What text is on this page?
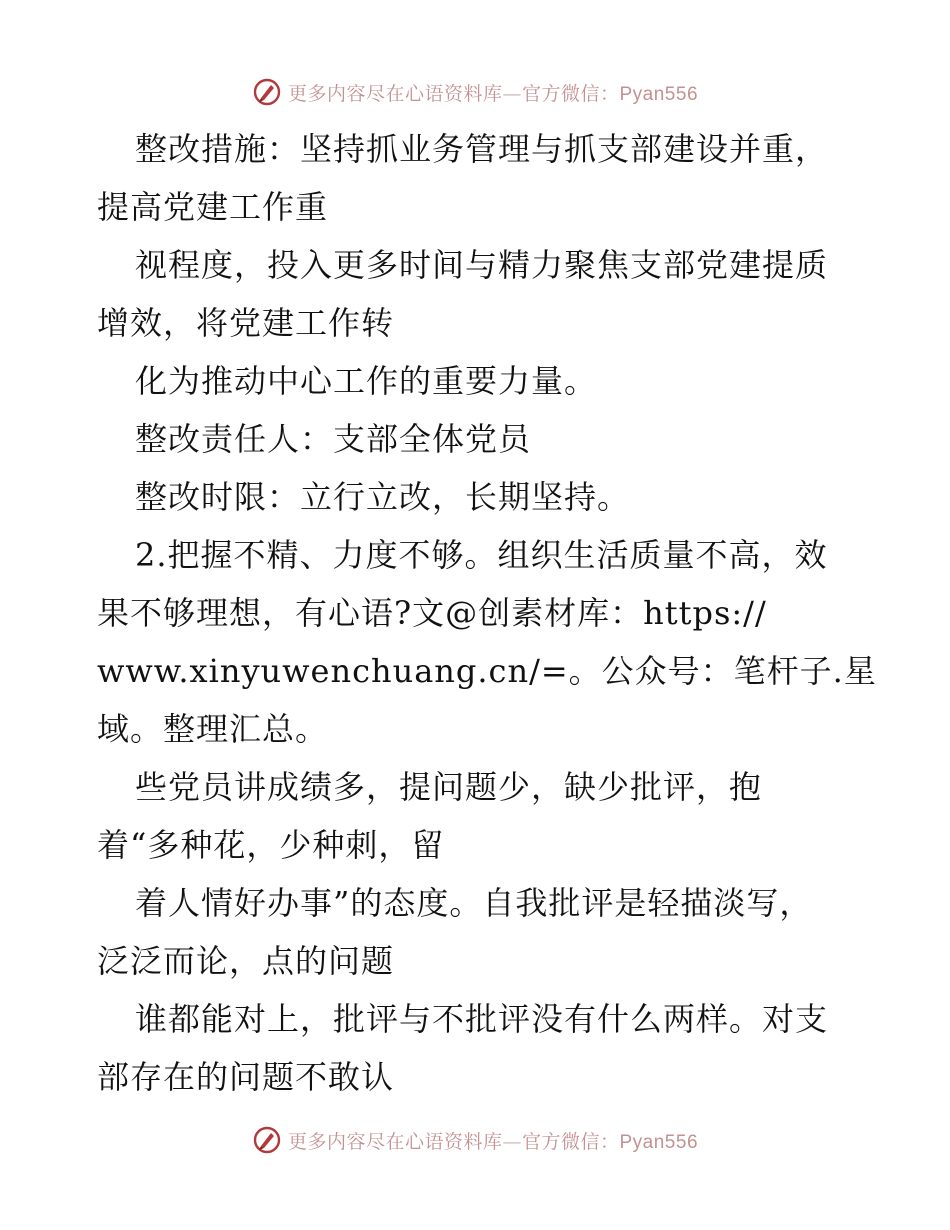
更多内容尽在心语资料库—官方微信：Pyan556
整改措施：坚持抓业务管理与抓支部建设并重，
提高党建工作重
视程度，投入更多时间与精力聚焦支部党建提质
增效，将党建工作转
化为推动中心工作的重要力量。
整改责任人：支部全体党员
整改时限：立行立改，长期坚持。
2.把握不精、力度不够。组织生活质量不高，效
果不够理想，有心语?文@创素材库：https://
www.xinyuwenchuang.cn/=。公众号：笔杆子.星
域。整理汇总。
些党员讲成绩多，提问题少，缺少批评，抱
着“多种花，少种刺，留
着人情好办事”的态度。自我批评是轻描淡写，
泛泛而论，点的问题
谁都能对上，批评与不批评没有什么两样。对支
部存在的问题不敢认
更多内容尽在心语资料库—官方微信：Pyan556
